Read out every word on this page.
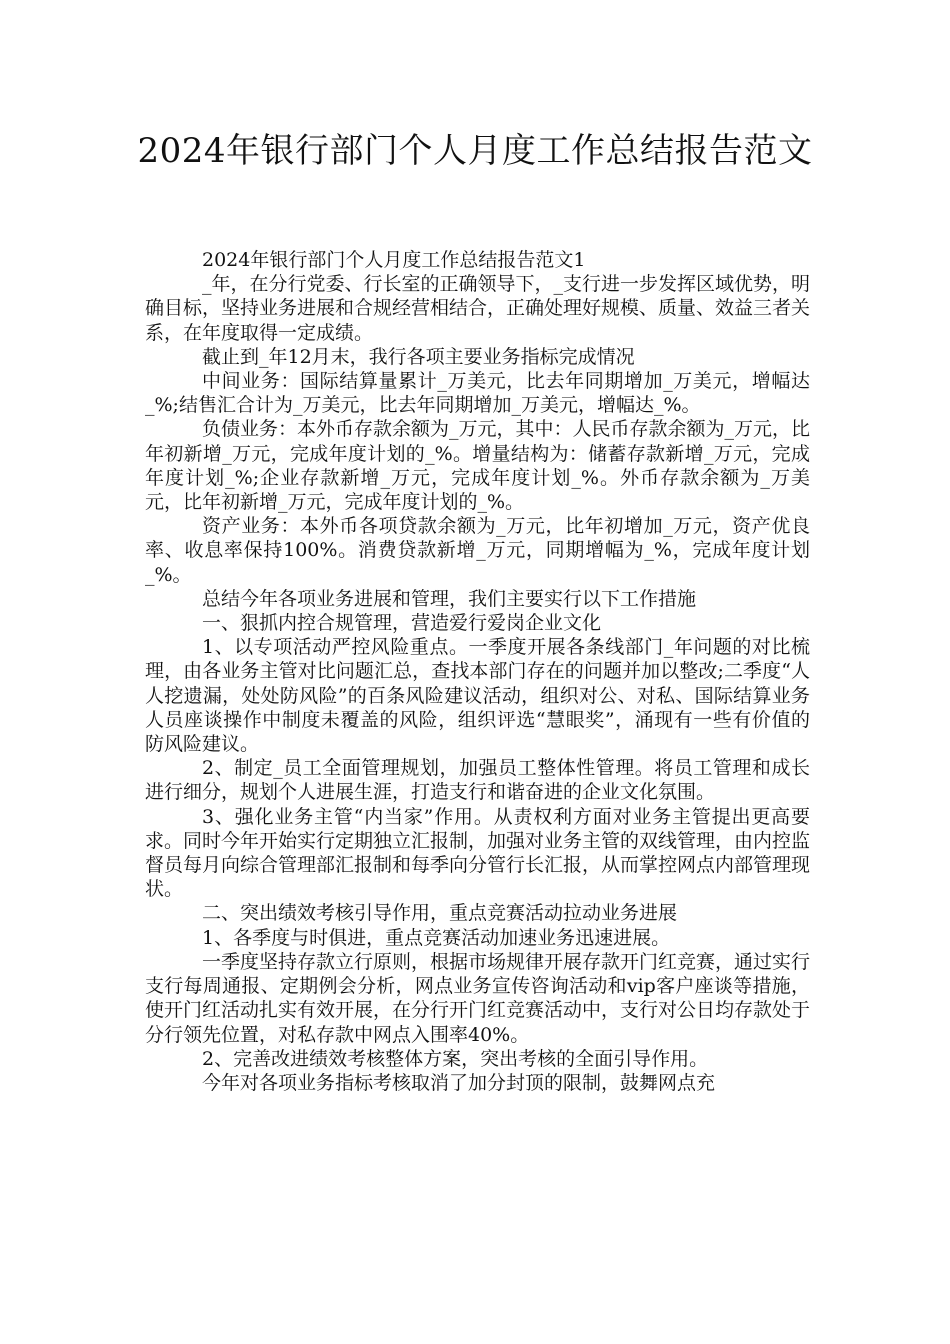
2024年银行部门个人月度工作总结报告范文

2024年银行部门个人月度工作总结报告范文1

_年，在分行党委、行长室的正确领导下，_支行进一步发挥区域优势，明确目标，坚持业务进展和合规经营相结合，正确处理好规模、质量、效益三者关系，在年度取得一定成绩。

截止到_年12月末，我行各项主要业务指标完成情况

中间业务：国际结算量累计_万美元，比去年同期增加_万美元，增幅达_%;结售汇合计为_万美元，比去年同期增加_万美元，增幅达_%。

负债业务：本外币存款余额为_万元，其中：人民币存款余额为_万元，比年初新增_万元，完成年度计划的_%。增量结构为：储蓄存款新增_万元，完成年度计划_%;企业存款新增_万元，完成年度计划_%。外币存款余额为_万美元，比年初新增_万元，完成年度计划的_%。

资产业务：本外币各项贷款余额为_万元，比年初增加_万元，资产优良率、收息率保持100%。消费贷款新增_万元，同期增幅为_%，完成年度计划_%。

总结今年各项业务进展和管理，我们主要实行以下工作措施

一、狠抓内控合规管理，营造爱行爱岗企业文化

1、以专项活动严控风险重点。一季度开展各条线部门_年问题的对比梳理，由各业务主管对比问题汇总，查找本部门存在的问题并加以整改;二季度“人人挖遗漏，处处防风险”的百条风险建议活动，组织对公、对私、国际结算业务人员座谈操作中制度未覆盖的风险，组织评选“慧眼奖”，涌现有一些有价值的防风险建议。

2、制定_员工全面管理规划，加强员工整体性管理。将员工管理和成长进行细分，规划个人进展生涯，打造支行和谐奋进的企业文化氛围。

3、强化业务主管“内当家”作用。从责权利方面对业务主管提出更高要求。同时今年开始实行定期独立汇报制，加强对业务主管的双线管理，由内控监督员每月向综合管理部汇报制和每季向分管行长汇报，从而掌控网点内部管理现状。

二、突出绩效考核引导作用，重点竞赛活动拉动业务进展

1、各季度与时俱进，重点竞赛活动加速业务迅速进展。

一季度坚持存款立行原则，根据市场规律开展存款开门红竞赛，通过实行支行每周通报、定期例会分析，网点业务宣传咨询活动和vip客户座谈等措施，使开门红活动扎实有效开展，在分行开门红竞赛活动中，支行对公日均存款处于分行领先位置，对私存款中网点入围率40%。

2、完善改进绩效考核整体方案，突出考核的全面引导作用。

今年对各项业务指标考核取消了加分封顶的限制，鼓舞网点充
